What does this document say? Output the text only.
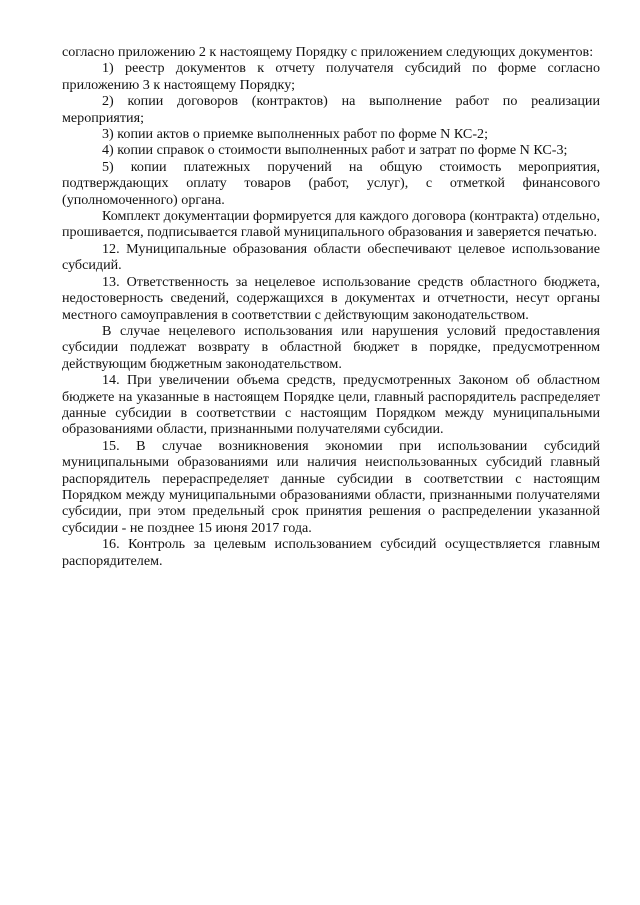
согласно приложению 2 к настоящему Порядку с приложением следующих документов:

1) реестр документов к отчету получателя субсидий по форме согласно приложению 3 к настоящему Порядку;

2) копии договоров (контрактов) на выполнение работ по реализации мероприятия;

3) копии актов о приемке выполненных работ по форме N КС-2;

4) копии справок о стоимости выполненных работ и затрат по форме N КС-3;

5) копии платежных поручений на общую стоимость мероприятия, подтверждающих оплату товаров (работ, услуг), с отметкой финансового (уполномоченного) органа.

Комплект документации формируется для каждого договора (контракта) отдельно, прошивается, подписывается главой муниципального образования и заверяется печатью.

12. Муниципальные образования области обеспечивают целевое использование субсидий.

13. Ответственность за нецелевое использование средств областного бюджета, недостоверность сведений, содержащихся в документах и отчетности, несут органы местного самоуправления в соответствии с действующим законодательством.

В случае нецелевого использования или нарушения условий предоставления субсидии подлежат возврату в областной бюджет в порядке, предусмотренном действующим бюджетным законодательством.

14. При увеличении объема средств, предусмотренных Законом об областном бюджете на указанные в настоящем Порядке цели, главный распорядитель распределяет данные субсидии в соответствии с настоящим Порядком между муниципальными образованиями области, признанными получателями субсидии.

15. В случае возникновения экономии при использовании субсидий муниципальными образованиями или наличия неиспользованных субсидий главный распорядитель перераспределяет данные субсидии в соответствии с настоящим Порядком между муниципальными образованиями области, признанными получателями субсидии, при этом предельный срок принятия решения о распределении указанной субсидии - не позднее 15 июня 2017 года.

16. Контроль за целевым использованием субсидий осуществляется главным распорядителем.
